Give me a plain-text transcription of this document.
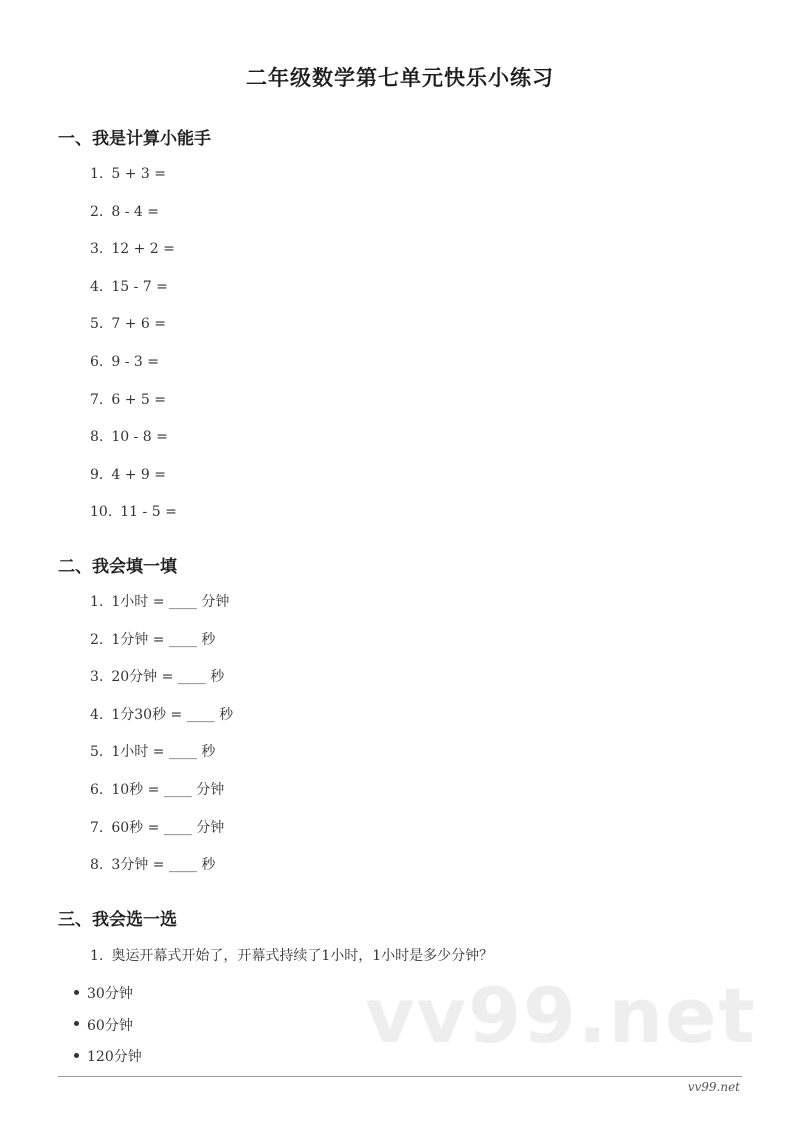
二年级数学第七单元快乐小练习
一、我是计算小能手
1. 5 + 3 =
2. 8 - 4 =
3. 12 + 2 =
4. 15 - 7 =
5. 7 + 6 =
6. 9 - 3 =
7. 6 + 5 =
8. 10 - 8 =
9. 4 + 9 =
10. 11 - 5 =
二、我会填一填
1. 1小时 = ____ 分钟
2. 1分钟 = ____ 秒
3. 20分钟 = ____ 秒
4. 1分30秒 = ____ 秒
5. 1小时 = ____ 秒
6. 10秒 = ____ 分钟
7. 60秒 = ____ 分钟
8. 3分钟 = ____ 秒
三、我会选一选
1. 奥运开幕式开始了，开幕式持续了1小时，1小时是多少分钟？
30分钟
60分钟
120分钟	vv99.net
vv99.net
